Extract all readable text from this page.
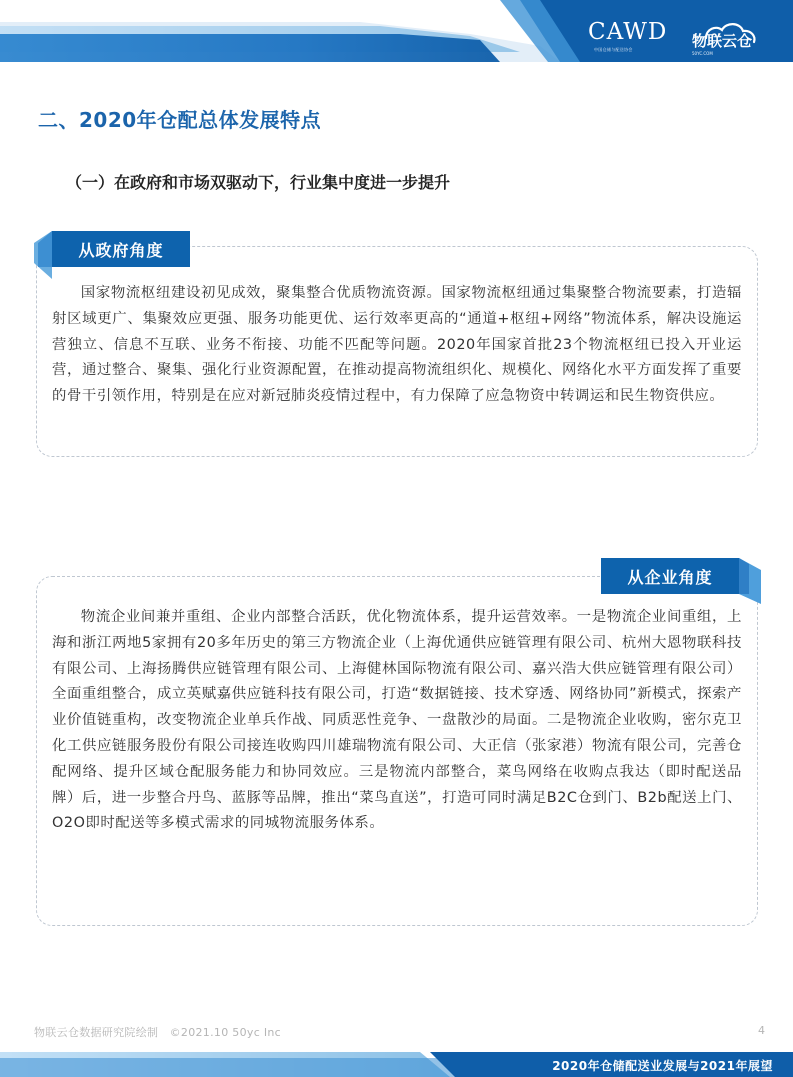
CAWD
中国仓储与配送协会	物联云仓
50YC.COM
二、2020年仓配总体发展特点
（一）在政府和市场双驱动下，行业集中度进一步提升
从政府角度
国家物流枢纽建设初见成效，聚集整合优质物流资源。国家物流枢纽通过集聚整合物流要素，打造辐射区域更广、集聚效应更强、服务功能更优、运行效率更高的“通道+枢纽+网络”物流体系，解决设施运营独立、信息不互联、业务不衔接、功能不匹配等问题。2020年国家首批23个物流枢纽已投入开业运营，通过整合、聚集、强化行业资源配置，在推动提高物流组织化、规模化、网络化水平方面发挥了重要的骨干引领作用，特别是在应对新冠肺炎疫情过程中，有力保障了应急物资中转调运和民生物资供应。
从企业角度
物流企业间兼并重组、企业内部整合活跃，优化物流体系，提升运营效率。一是物流企业间重组，上海和浙江两地5家拥有20多年历史的第三方物流企业（上海优通供应链管理有限公司、杭州大恩物联科技有限公司、上海扬腾供应链管理有限公司、上海健林国际物流有限公司、嘉兴浩大供应链管理有限公司）全面重组整合，成立英赋嘉供应链科技有限公司，打造“数据链接、技术穿透、网络协同”新模式，探索产业价值链重构，改变物流企业单兵作战、同质恶性竞争、一盘散沙的局面。二是物流企业收购，密尔克卫化工供应链服务股份有限公司接连收购四川雄瑞物流有限公司、大正信（张家港）物流有限公司，完善仓配网络、提升区域仓配服务能力和协同效应。三是物流内部整合，菜鸟网络在收购点我达（即时配送品牌）后，进一步整合丹鸟、蓝豚等品牌，推出“菜鸟直送”，打造可同时满足B2C仓到门、B2b配送上门、O2O即时配送等多模式需求的同城物流服务体系。
物联云仓数据研究院绘制　©2021.10 50yc Inc	4
2020年仓储配送业发展与2021年展望
